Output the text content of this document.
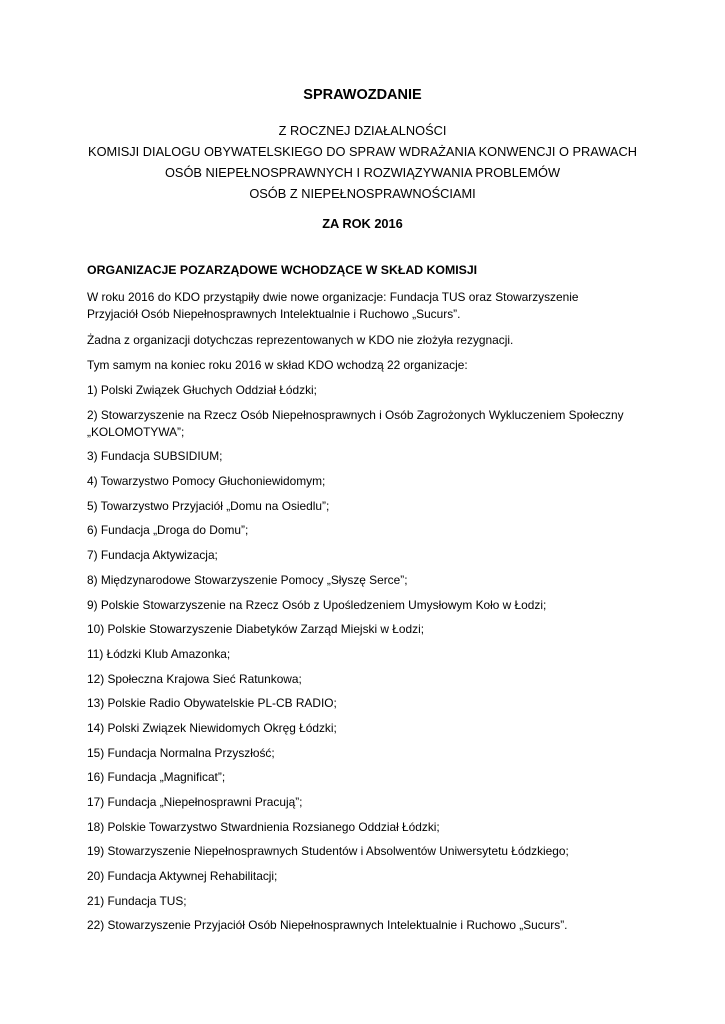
SPRAWOZDANIE
Z ROCZNEJ DZIAŁALNOŚCI
KOMISJI DIALOGU OBYWATELSKIEGO DO SPRAW WDRAŻANIA KONWENCJI O PRAWACH
OSÓB NIEPEŁNOSPRAWNYCH I ROZWIĄZYWANIA PROBLEMÓW
OSÓB Z NIEPEŁNOSPRAWNOŚCIAMI
ZA ROK 2016
ORGANIZACJE POZARZĄDOWE WCHODZĄCE W SKŁAD KOMISJI
W roku 2016 do KDO przystąpiły dwie nowe organizacje: Fundacja TUS oraz Stowarzyszenie
Przyjaciół Osób Niepełnosprawnych Intelektualnie i Ruchowo „Sucurs”.
Żadna z organizacji dotychczas reprezentowanych w KDO nie złożyła rezygnacji.
Tym samym na koniec roku 2016 w skład KDO wchodzą 22 organizacje:
1) Polski Związek Głuchych Oddział Łódzki;
2) Stowarzyszenie na Rzecz Osób Niepełnosprawnych i Osób Zagrożonych Wykluczeniem Społeczny
„KOLOMOTYWA”;
3) Fundacja SUBSIDIUM;
4) Towarzystwo Pomocy Głuchoniewidomym;
5) Towarzystwo Przyjaciół „Domu na Osiedlu”;
6) Fundacja „Droga do Domu”;
7) Fundacja Aktywizacja;
8) Międzynarodowe Stowarzyszenie Pomocy „Słyszę Serce”;
9) Polskie Stowarzyszenie na Rzecz Osób z Upośledzeniem Umysłowym Koło w Łodzi;
10) Polskie Stowarzyszenie Diabetyków Zarząd Miejski w Łodzi;
11) Łódzki Klub Amazonka;
12) Społeczna Krajowa Sieć Ratunkowa;
13) Polskie Radio Obywatelskie PL-CB RADIO;
14) Polski Związek Niewidomych Okręg Łódzki;
15) Fundacja Normalna Przyszłość;
16) Fundacja „Magnificat”;
17) Fundacja „Niepełnosprawni Pracują”;
18) Polskie Towarzystwo Stwardnienia Rozsianego Oddział Łódzki;
19) Stowarzyszenie Niepełnosprawnych Studentów i Absolwentów Uniwersytetu Łódzkiego;
20) Fundacja Aktywnej Rehabilitacji;
21) Fundacja TUS;
22) Stowarzyszenie Przyjaciół Osób Niepełnosprawnych Intelektualnie i Ruchowo „Sucurs”.
